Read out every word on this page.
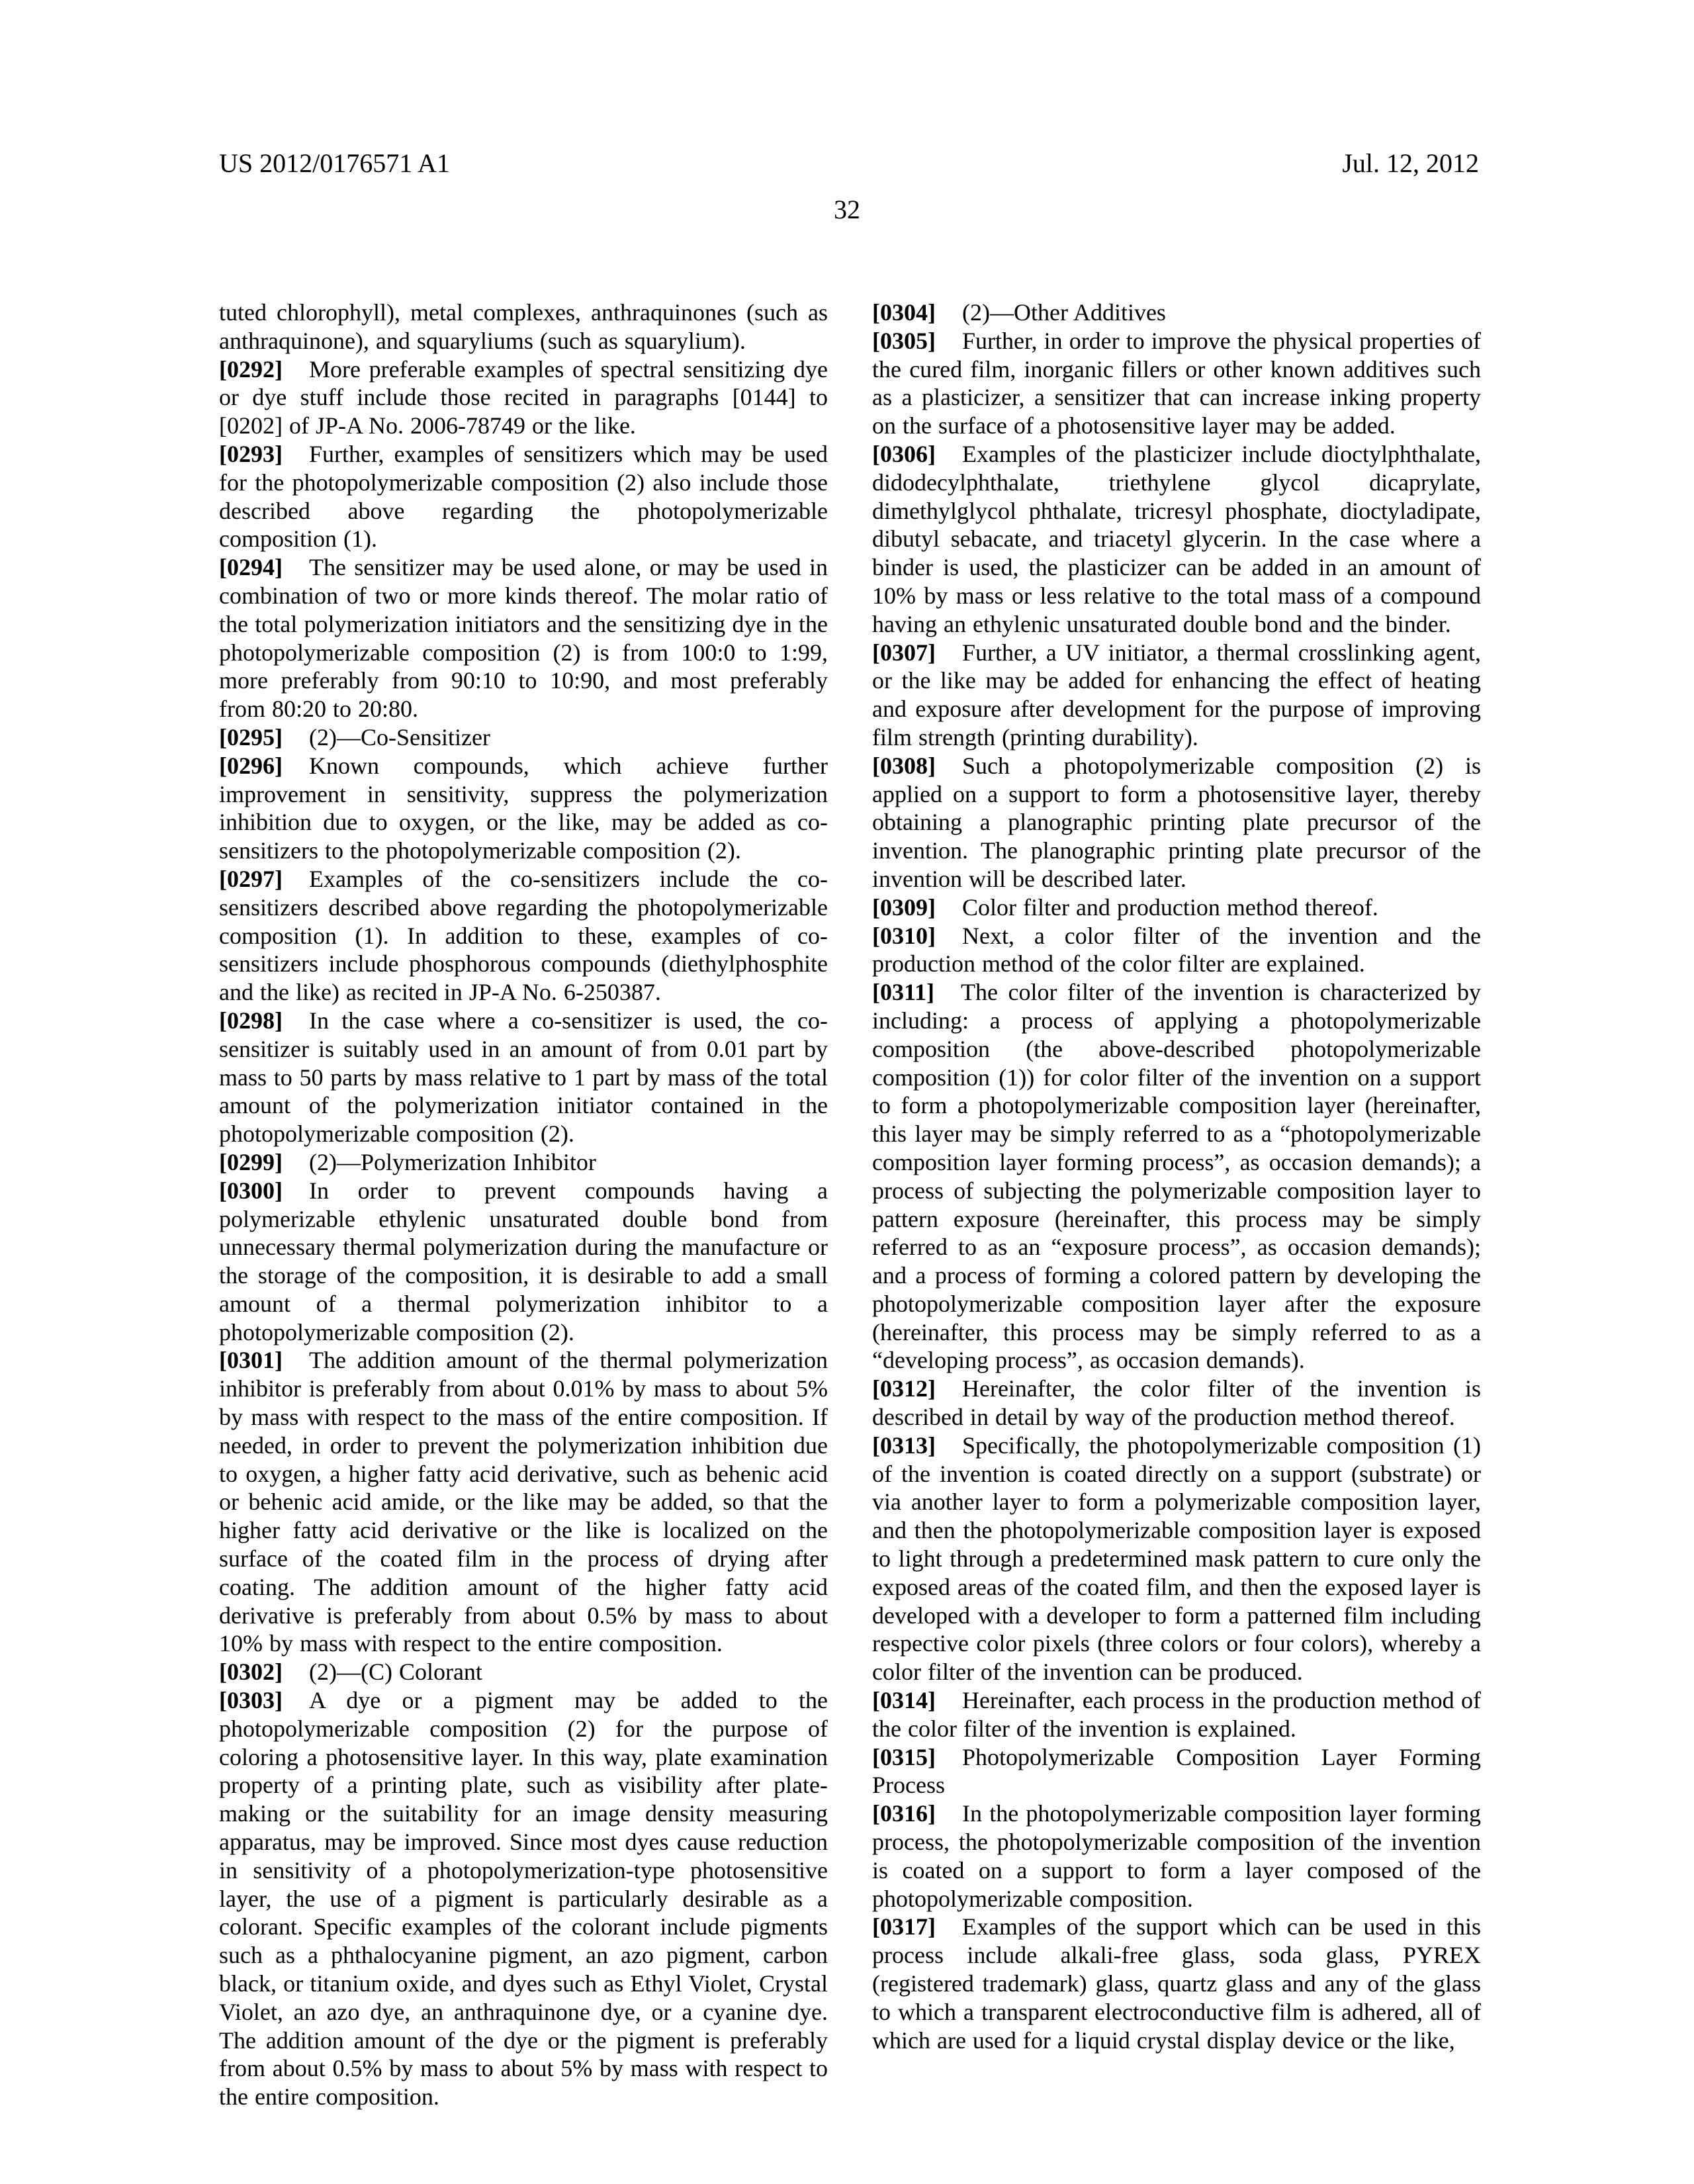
US 2012/0176571 A1	Jul. 12, 2012
32

tuted chlorophyll), metal complexes, anthraquinones (such as anthraquinone), and squaryliums (such as squarylium).

[0292] More preferable examples of spectral sensitizing dye or dye stuff include those recited in paragraphs [0144] to [0202] of JP-A No. 2006-78749 or the like.

[0293] Further, examples of sensitizers which may be used for the photopolymerizable composition (2) also include those described above regarding the photopolymerizable composition (1).

[0294] The sensitizer may be used alone, or may be used in combination of two or more kinds thereof. The molar ratio of the total polymerization initiators and the sensitizing dye in the photopolymerizable composition (2) is from 100:0 to 1:99, more preferably from 90:10 to 10:90, and most preferably from 80:20 to 20:80.

[0295] (2)—Co-Sensitizer

[0296] Known compounds, which achieve further improvement in sensitivity, suppress the polymerization inhibition due to oxygen, or the like, may be added as co-sensitizers to the photopolymerizable composition (2).

[0297] Examples of the co-sensitizers include the co-sensitizers described above regarding the photopolymerizable composition (1). In addition to these, examples of co-sensitizers include phosphorous compounds (diethylphosphite and the like) as recited in JP-A No. 6-250387.

[0298] In the case where a co-sensitizer is used, the co-sensitizer is suitably used in an amount of from 0.01 part by mass to 50 parts by mass relative to 1 part by mass of the total amount of the polymerization initiator contained in the photopolymerizable composition (2).

[0299] (2)—Polymerization Inhibitor

[0300] In order to prevent compounds having a polymerizable ethylenic unsaturated double bond from unnecessary thermal polymerization during the manufacture or the storage of the composition, it is desirable to add a small amount of a thermal polymerization inhibitor to a photopolymerizable composition (2).

[0301] The addition amount of the thermal polymerization inhibitor is preferably from about 0.01% by mass to about 5% by mass with respect to the mass of the entire composition. If needed, in order to prevent the polymerization inhibition due to oxygen, a higher fatty acid derivative, such as behenic acid or behenic acid amide, or the like may be added, so that the higher fatty acid derivative or the like is localized on the surface of the coated film in the process of drying after coating. The addition amount of the higher fatty acid derivative is preferably from about 0.5% by mass to about 10% by mass with respect to the entire composition.

[0302] (2)—(C) Colorant

[0303] A dye or a pigment may be added to the photopolymerizable composition (2) for the purpose of coloring a photosensitive layer. In this way, plate examination property of a printing plate, such as visibility after plate-making or the suitability for an image density measuring apparatus, may be improved. Since most dyes cause reduction in sensitivity of a photopolymerization-type photosensitive layer, the use of a pigment is particularly desirable as a colorant. Specific examples of the colorant include pigments such as a phthalocyanine pigment, an azo pigment, carbon black, or titanium oxide, and dyes such as Ethyl Violet, Crystal Violet, an azo dye, an anthraquinone dye, or a cyanine dye. The addition amount of the dye or the pigment is preferably from about 0.5% by mass to about 5% by mass with respect to the entire composition.

[0304] (2)—Other Additives

[0305] Further, in order to improve the physical properties of the cured film, inorganic fillers or other known additives such as a plasticizer, a sensitizer that can increase inking property on the surface of a photosensitive layer may be added.

[0306] Examples of the plasticizer include dioctylphthalate, didodecylphthalate, triethylene glycol dicaprylate, dimethylglycol phthalate, tricresyl phosphate, dioctyladipate, dibutyl sebacate, and triacetyl glycerin. In the case where a binder is used, the plasticizer can be added in an amount of 10% by mass or less relative to the total mass of a compound having an ethylenic unsaturated double bond and the binder.

[0307] Further, a UV initiator, a thermal crosslinking agent, or the like may be added for enhancing the effect of heating and exposure after development for the purpose of improving film strength (printing durability).

[0308] Such a photopolymerizable composition (2) is applied on a support to form a photosensitive layer, thereby obtaining a planographic printing plate precursor of the invention. The planographic printing plate precursor of the invention will be described later.

[0309] Color filter and production method thereof.

[0310] Next, a color filter of the invention and the production method of the color filter are explained.

[0311] The color filter of the invention is characterized by including: a process of applying a photopolymerizable composition (the above-described photopolymerizable composition (1)) for color filter of the invention on a support to form a photopolymerizable composition layer (hereinafter, this layer may be simply referred to as a “photopolymerizable composition layer forming process”, as occasion demands); a process of subjecting the polymerizable composition layer to pattern exposure (hereinafter, this process may be simply referred to as an “exposure process”, as occasion demands); and a process of forming a colored pattern by developing the photopolymerizable composition layer after the exposure (hereinafter, this process may be simply referred to as a “developing process”, as occasion demands).

[0312] Hereinafter, the color filter of the invention is described in detail by way of the production method thereof.

[0313] Specifically, the photopolymerizable composition (1) of the invention is coated directly on a support (substrate) or via another layer to form a polymerizable composition layer, and then the photopolymerizable composition layer is exposed to light through a predetermined mask pattern to cure only the exposed areas of the coated film, and then the exposed layer is developed with a developer to form a patterned film including respective color pixels (three colors or four colors), whereby a color filter of the invention can be produced.

[0314] Hereinafter, each process in the production method of the color filter of the invention is explained.

[0315] Photopolymerizable Composition Layer Forming Process

[0316] In the photopolymerizable composition layer forming process, the photopolymerizable composition of the invention is coated on a support to form a layer composed of the photopolymerizable composition.

[0317] Examples of the support which can be used in this process include alkali-free glass, soda glass, PYREX (registered trademark) glass, quartz glass and any of the glass to which a transparent electroconductive film is adhered, all of which are used for a liquid crystal display device or the like,
